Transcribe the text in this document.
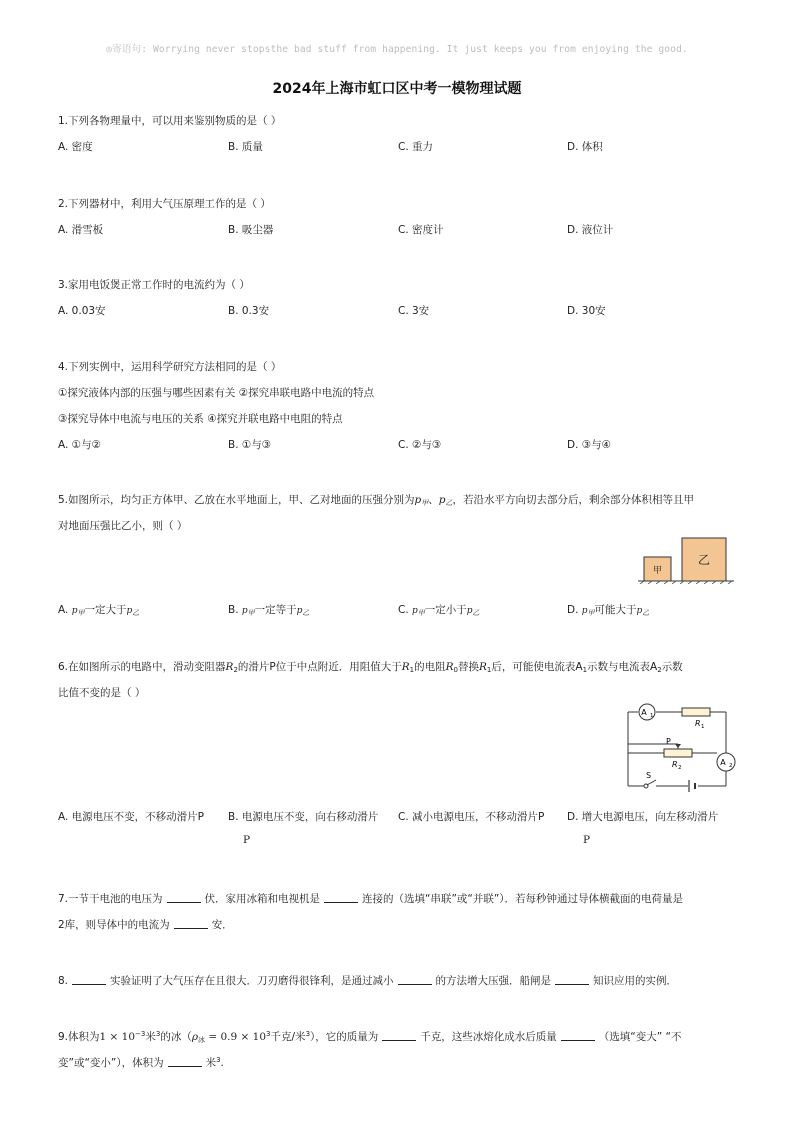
◎寄语句: Worrying never stopsthe bad stuff from happening. It just keeps you from enjoying the good.
2024年上海市虹口区中考一模物理试题
1.下列各物理量中，可以用来鉴别物质的是（ ）
A. 密度	B. 质量	C. 重力	D. 体积
2.下列器材中，利用大气压原理工作的是（ ）
A. 滑雪板	B. 吸尘器	C. 密度计	D. 液位计
3.家用电饭煲正常工作时的电流约为（ ）
A. 0.03安	B. 0.3安	C. 3安	D. 30安
4.下列实例中，运用科学研究方法相同的是（ ）
①探究液体内部的压强与哪些因素有关 ②探究串联电路中电流的特点
③探究导体中电流与电压的关系 ④探究并联电路中电阻的特点
A. ①与②	B. ①与③	C. ②与③	D. ③与④
5.如图所示，均匀正方体甲、乙放在水平地面上，甲、乙对地面的压强分别为$p_甲$、$p_乙$，若沿水平方向切去部分后，剩余部分体积相等且甲
对地面压强比乙小，则（ ）
甲
乙
A. $p_甲$一定大于$p_乙$	B. $p_甲$一定等于$p_乙$	C. $p_甲$一定小于$p_乙$	D. $p_甲$可能大于$p_乙$
6.在如图所示的电路中，滑动变阻器$R_2$的滑片P位于中点附近．用阻值大于$R_1$的电阻$R_0$替换$R_1$后，可能使电流表$A_1$示数与电流表$A_2$示数
比值不变的是（ ）
A 1
R 1
P
R 2
A 2
S
A. 电源电压不变，不移动滑片P B. 电源电压不变，向右移动滑片
P
C. 减小电源电压，不移动滑片P D. 增大电源电压，向左移动滑片
P
7.一节干电池的电压为	伏．家用冰箱和电视机是	连接的（选填“串联”或“并联”）．若每秒钟通过导体横截面的电荷量是
2库，则导体中的电流为	安．
8.	实验证明了大气压存在且很大．刀刃磨得很锋利，是通过减小	的方法增大压强．船闸是	知识应用的实例．
9.体积为$1 \times 10^{-3}$米$^3$的冰（$\rho_冰 = 0.9 \times 10^3$千克/米$^3$），它的质量为	千克，这些冰熔化成水后质量	（选填“变大” “不
变”或“变小”），体积为	米$^3$.
